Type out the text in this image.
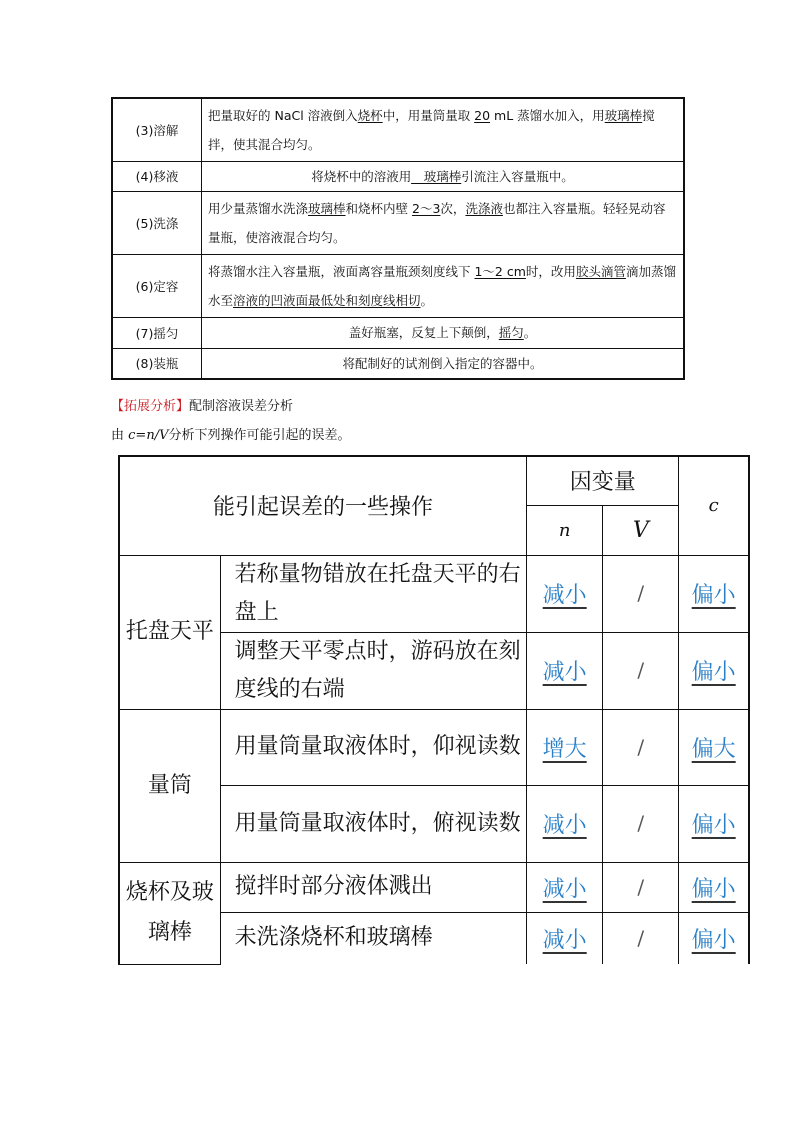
(3)溶解	把量取好的 NaCl 溶液倒入烧杯中，用量筒量取 20 mL 蒸馏水加入，用玻璃棒搅拌，使其混合均匀。
(4)移液	将烧杯中的溶液用__玻璃棒引流注入容量瓶中。
(5)洗涤	用少量蒸馏水洗涤玻璃棒和烧杯内壁 2～3次，洗涤液也都注入容量瓶。轻轻晃动容量瓶，使溶液混合均匀。
(6)定容	将蒸馏水注入容量瓶，液面离容量瓶颈刻度线下 1～2 cm时，改用胶头滴管滴加蒸馏水至溶液的凹液面最低处和刻度线相切。
(7)摇匀	盖好瓶塞，反复上下颠倒，摇匀。
(8)装瓶	将配制好的试剂倒入指定的容器中。
【拓展分析】配制溶液误差分析
由 c=n/V分析下列操作可能引起的误差。
能引起误差的一些操作		因变量		c
		n	V	
托盘天平	若称量物错放在托盘天平的右盘上	减小	/	偏小
	调整天平零点时，游码放在刻度线的右端	减小	/	偏小
量筒	用量筒量取液体时，仰视读数	增大	/	偏大
	用量筒量取液体时，俯视读数	减小	/	偏小
烧杯及玻璃棒	搅拌时部分液体溅出	减小	/	偏小
	未洗涤烧杯和玻璃棒	减小	/	偏小
